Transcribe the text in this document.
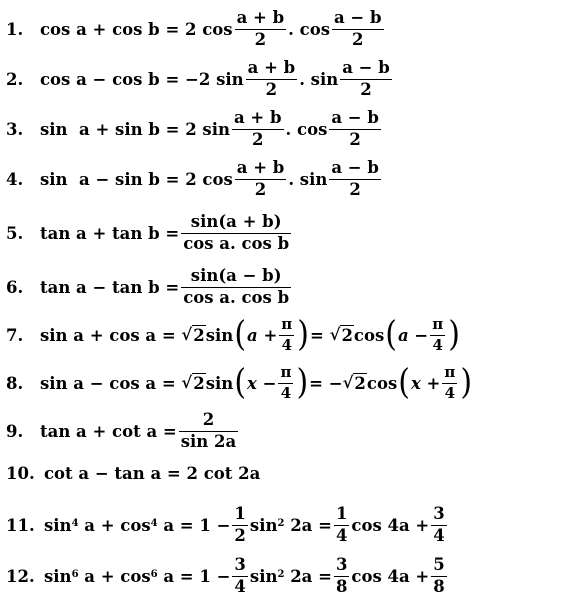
1.	cos a + cos b = 2 $\cos \frac{a + b}{2}$ . $\cos \frac{a - b}{2}$
2.	cos a − cos b = −2 $\sin \frac{a + b}{2}$ . $\sin \frac{a - b}{2}$
3.	sin  a + sin b = 2 $\sin \frac{a + b}{2}$ . $\cos \frac{a - b}{2}$
4.	sin  a − sin b = 2 $\cos \frac{a + b}{2}$ . $\sin \frac{a - b}{2}$
5.	$\tan a + \tan b = \frac{\sin(a + b)}{\text{cos a. cos b}}$
6.	$\tan a - \tan b = \frac{\sin(a - b)}{\text{cos a. cos b}}$
7.	sin a + cos a =
√ 2 sin ( $a + \frac{\pi}{4}$ ) =
√ 2 cos ( $a - \frac{\pi}{4}$ )
8.	sin a − cos a =
√ 2 sin ( $x - \frac{\pi}{4}$ ) = − √ 2 cos ( $x + \frac{\pi}{4}$ )
9.	$\tan a + \cot a = \frac{2}{\sin 2a}$
10. cot a − tan a = 2 cot 2a
11. $\sin^4$
$a + \cos^4$
$a = 1 - \frac{1}{2} \sin^2$
$2a = \frac{1}{4}$ $\cos 4a + \frac{3}{4}$
12. $\sin^6$
$a + \cos^6$
$a = 1 - \frac{3}{4} \sin^2$
$2a = \frac{3}{8}$ $\cos 4a + \frac{5}{8}$
